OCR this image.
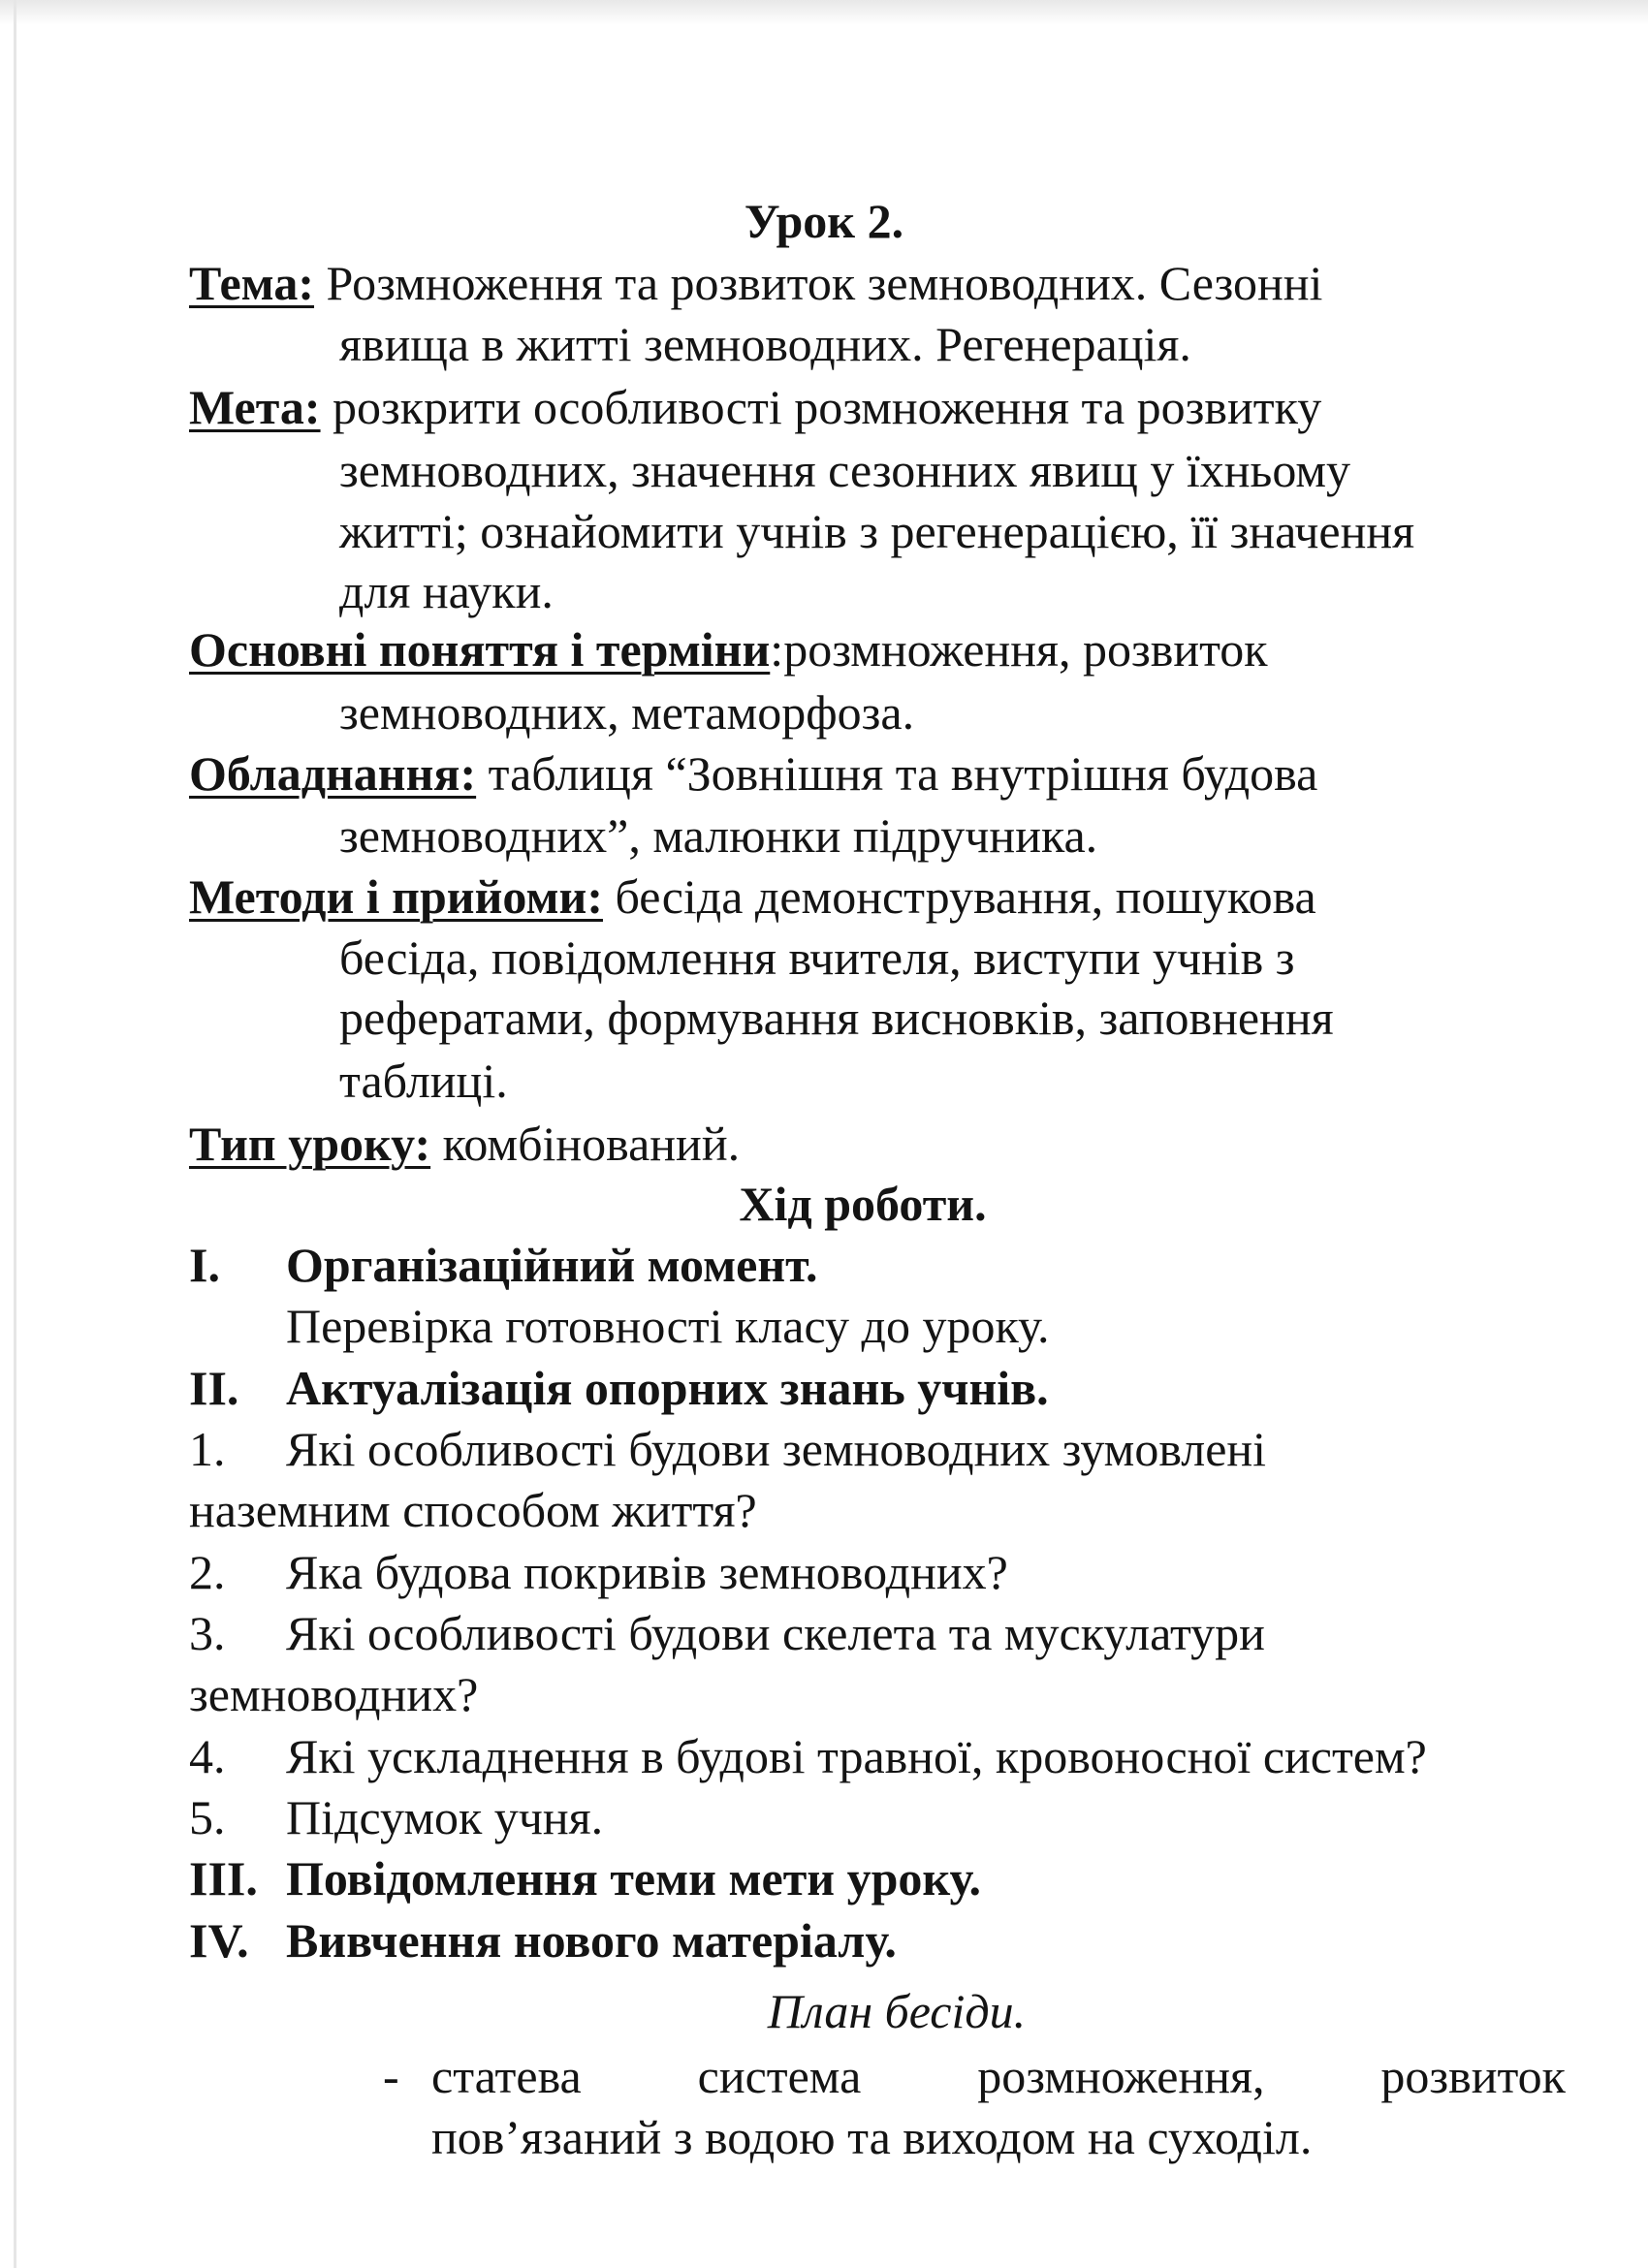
Урок 2.
Тема: Розмноження та розвиток земноводних. Сезонні
явища в житті земноводних. Регенерація.
Мета: розкрити особливості розмноження та розвитку
земноводних, значення сезонних явищ у їхньому
житті; ознайомити учнів з регенерацією, її значення
для науки.
Основні поняття і терміни:розмноження, розвиток
земноводних, метаморфоза.
Обладнання: таблиця “Зовнішня та внутрішня будова
земноводних”, малюнки підручника.
Методи і прийоми: бесіда демонстрування, пошукова
бесіда, повідомлення вчителя, виступи учнів з
рефератами, формування висновків, заповнення
таблиці.
Тип уроку: комбінований.
Хід роботи.
I. Організаційний момент.
Перевірка готовності класу до уроку.
II. Актуалізація опорних знань учнів.
1. Які особливості будови земноводних зумовлені
наземним способом життя?
2. Яка будова покривів земноводних?
3. Які особливості будови скелета та мускулатури
земноводних?
4. Які ускладнення в будові травної, кровоносної систем?
5. Підсумок учня.
III. Повідомлення теми мети уроку.
IV. Вивчення нового матеріалу.
План бесіди.
- статева система розмноження, розвиток
пов’язаний з водою та виходом на суходіл.
